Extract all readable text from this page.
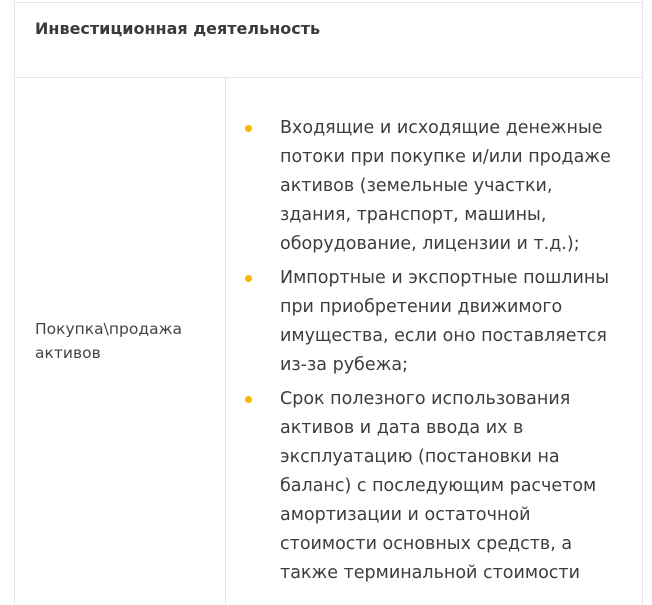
Инвестиционная деятельность
Покупка\продажа активов
Входящие и исходящие денежные потоки при покупке и/или продаже активов (земельные участки, здания, транспорт, машины, оборудование, лицензии и т.д.);
Импортные и экспортные пошлины при приобретении движимого имущества, если оно поставляется из-за рубежа;
Срок полезного использования активов и дата ввода их в эксплуатацию (постановки на баланс) с последующим расчетом амортизации и остаточной стоимости основных средств, а также терминальной стоимости
